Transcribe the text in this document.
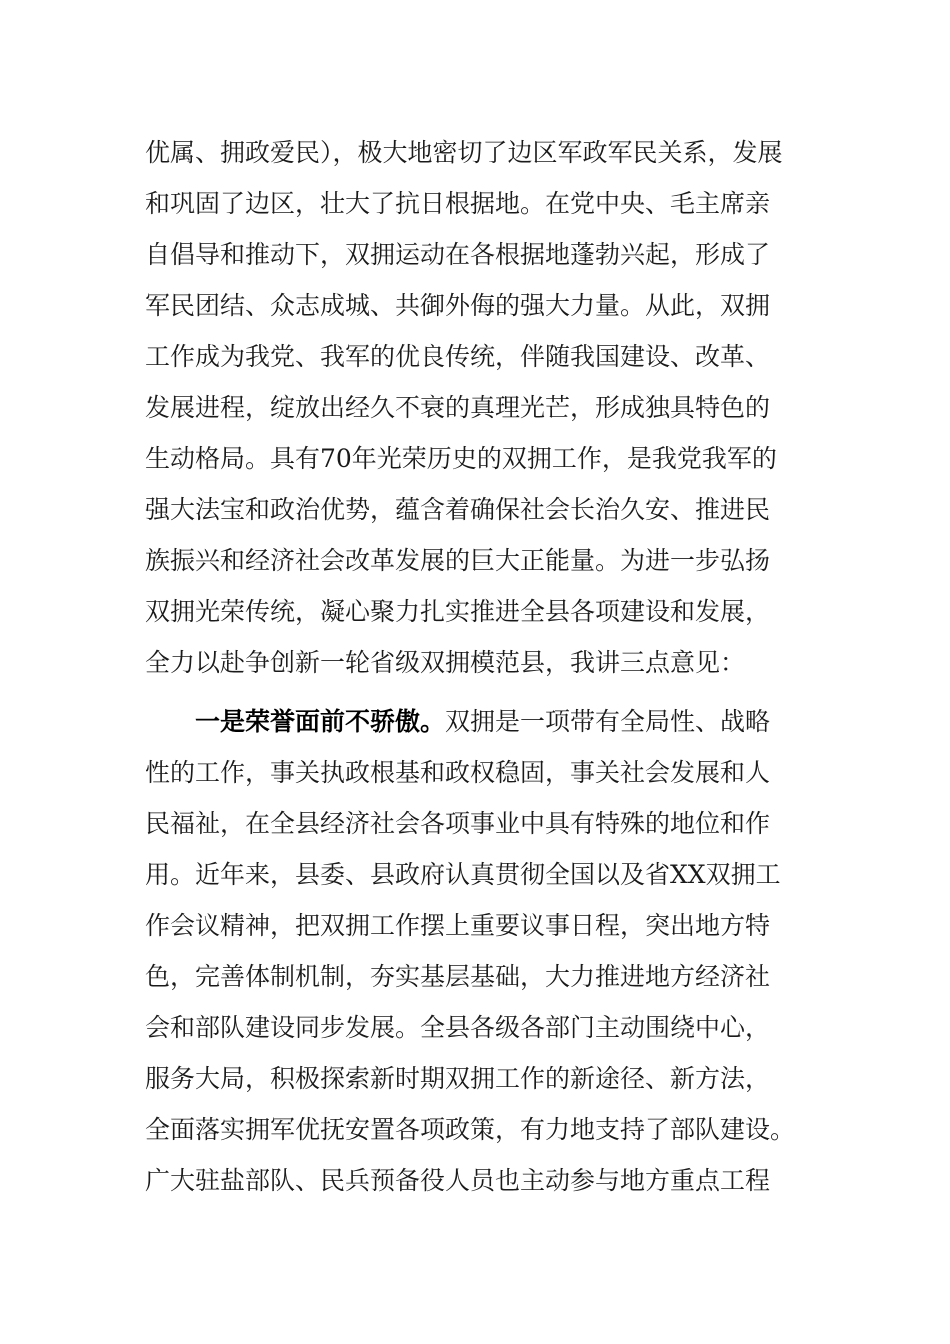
优属、拥政爱民），极大地密切了边区军政军民关系，发展
和巩固了边区，壮大了抗日根据地。在党中央、毛主席亲
自倡导和推动下，双拥运动在各根据地蓬勃兴起，形成了
军民团结、众志成城、共御外侮的强大力量。从此，双拥
工作成为我党、我军的优良传统，伴随我国建设、改革、
发展进程，绽放出经久不衰的真理光芒，形成独具特色的
生动格局。具有70年光荣历史的双拥工作，是我党我军的
强大法宝和政治优势，蕴含着确保社会长治久安、推进民
族振兴和经济社会改革发展的巨大正能量。为进一步弘扬
双拥光荣传统，凝心聚力扎实推进全县各项建设和发展，
全力以赴争创新一轮省级双拥模范县，我讲三点意见：
一是荣誉面前不骄傲。双拥是一项带有全局性、战略
性的工作，事关执政根基和政权稳固，事关社会发展和人
民福祉，在全县经济社会各项事业中具有特殊的地位和作
用。近年来，县委、县政府认真贯彻全国以及省XX双拥工
作会议精神，把双拥工作摆上重要议事日程，突出地方特
色，完善体制机制，夯实基层基础，大力推进地方经济社
会和部队建设同步发展。全县各级各部门主动围绕中心，
服务大局，积极探索新时期双拥工作的新途径、新方法，
全面落实拥军优抚安置各项政策，有力地支持了部队建设。
广大驻盐部队、民兵预备役人员也主动参与地方重点工程
